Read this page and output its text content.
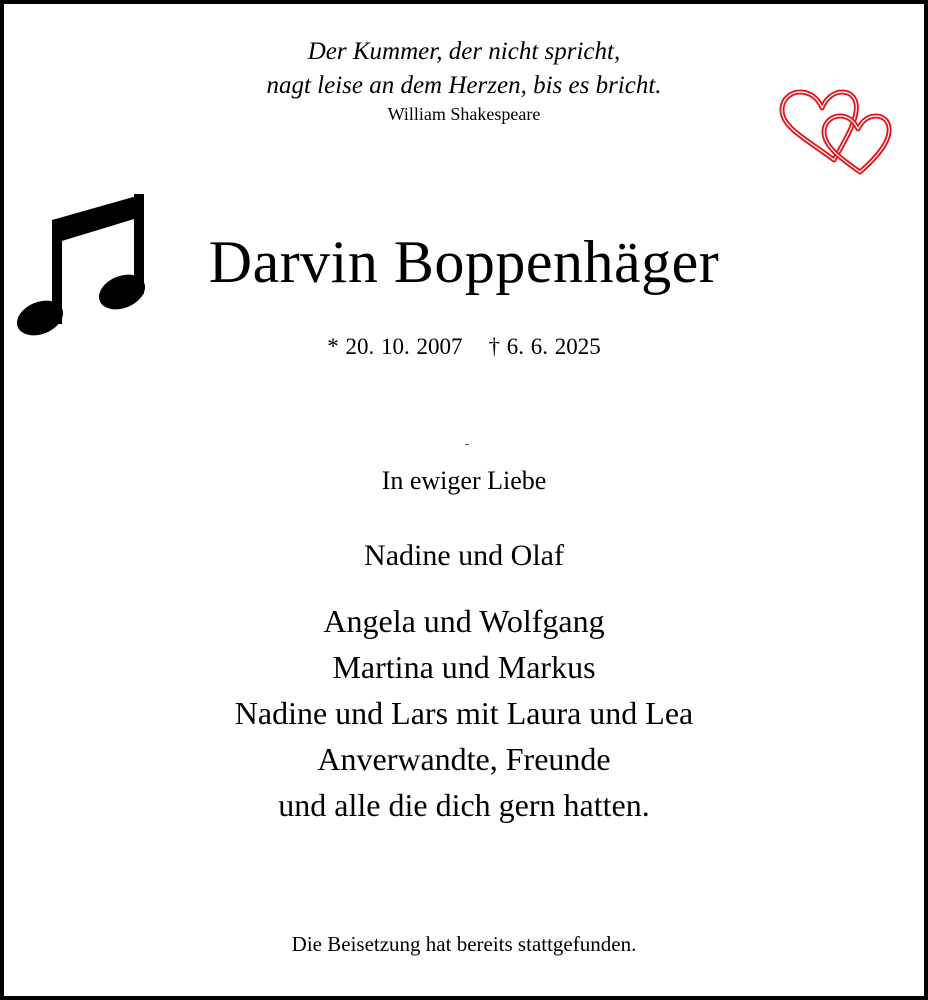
Der Kummer, der nicht spricht,
nagt leise an dem Herzen, bis es bricht.
William Shakespeare
Darvin Boppenhäger
* 20. 10. 2007 † 6. 6. 2025
In ewiger Liebe
Nadine und Olaf
Angela und Wolfgang
Martina und Markus
Nadine und Lars mit Laura und Lea
Anverwandte, Freunde
und alle die dich gern hatten.
Die Beisetzung hat bereits stattgefunden.
